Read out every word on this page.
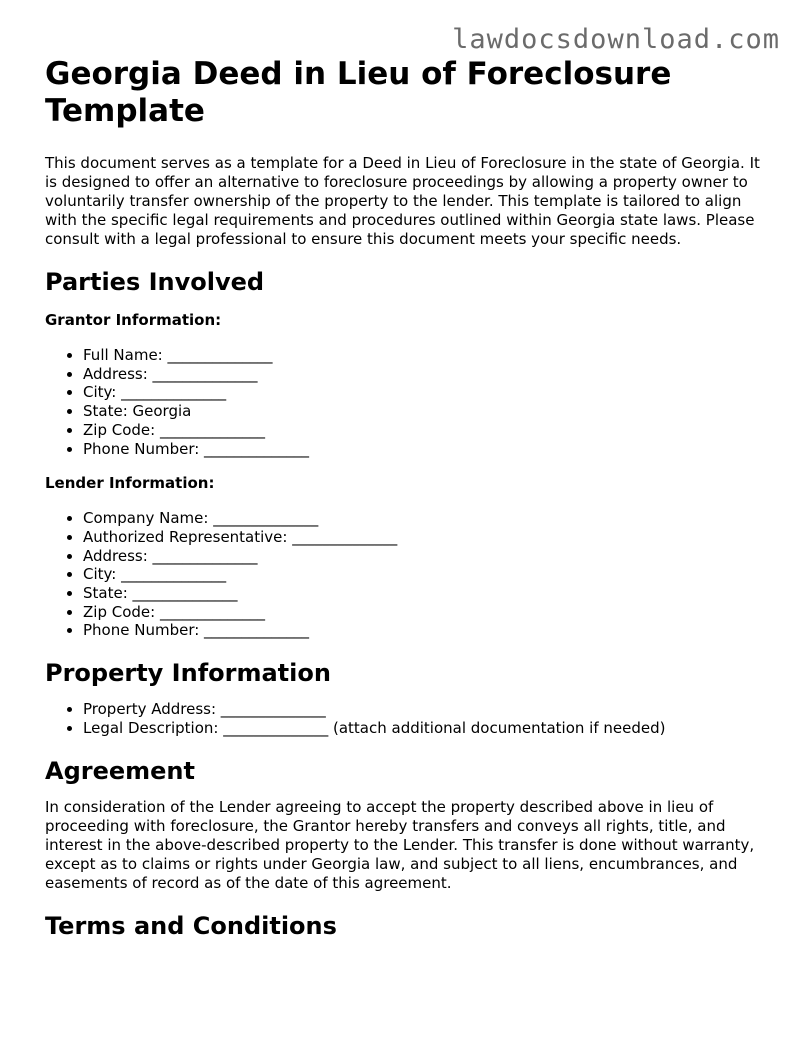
lawdocsdownload.com
Georgia Deed in Lieu of Foreclosure Template

This document serves as a template for a Deed in Lieu of Foreclosure in the state of Georgia. It is designed to offer an alternative to foreclosure proceedings by allowing a property owner to voluntarily transfer ownership of the property to the lender. This template is tailored to align with the specific legal requirements and procedures outlined within Georgia state laws. Please consult with a legal professional to ensure this document meets your specific needs.

Parties Involved
Grantor Information:
• Full Name: ______________
• Address: ______________
• City: ______________
• State: Georgia
• Zip Code: ______________
• Phone Number: ______________
Lender Information:
• Company Name: ______________
• Authorized Representative: ______________
• Address: ______________
• City: ______________
• State: ______________
• Zip Code: ______________
• Phone Number: ______________
Property Information
• Property Address: ______________
• Legal Description: ______________ (attach additional documentation if needed)
Agreement

In consideration of the Lender agreeing to accept the property described above in lieu of proceeding with foreclosure, the Grantor hereby transfers and conveys all rights, title, and interest in the above-described property to the Lender. This transfer is done without warranty, except as to claims or rights under Georgia law, and subject to all liens, encumbrances, and easements of record as of the date of this agreement.

Terms and Conditions
